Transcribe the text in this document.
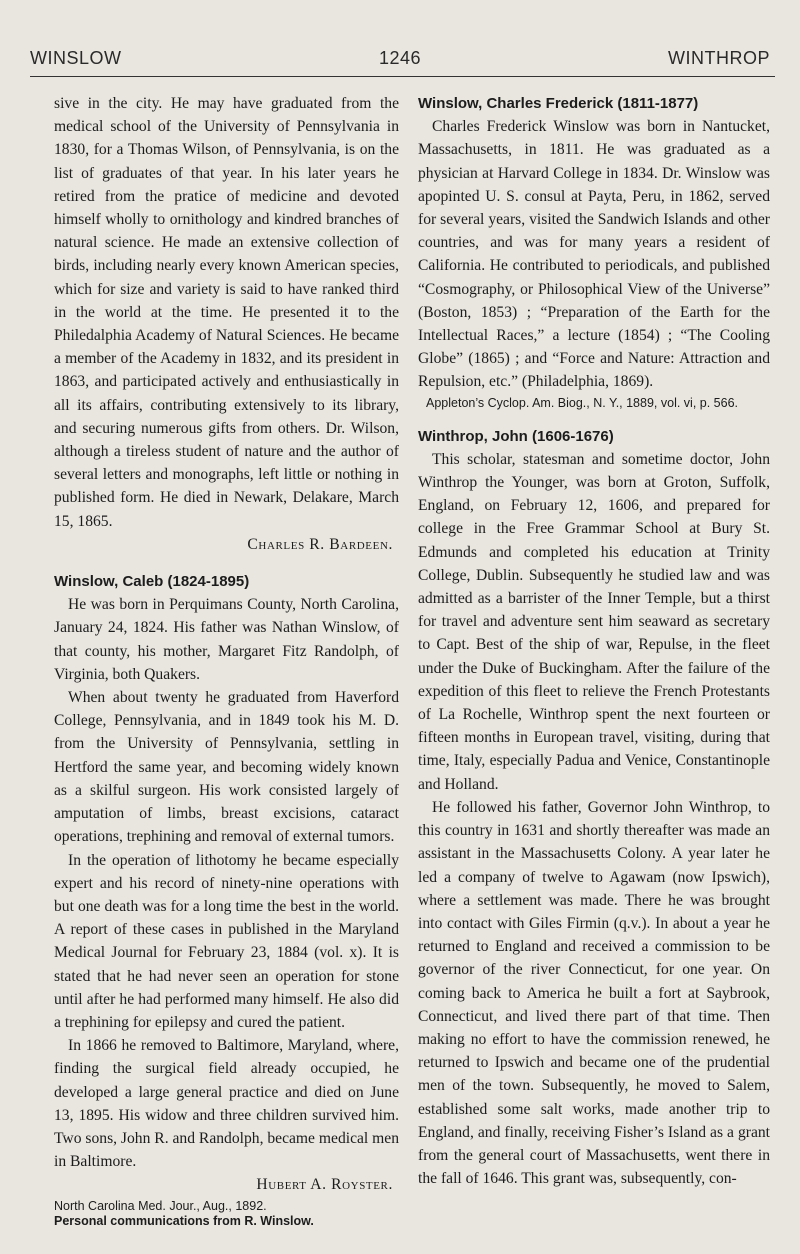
WINSLOW	1246	WINTHROP

sive in the city. He may have graduated from the medical school of the University of Pennsylvania in 1830, for a Thomas Wilson, of Pennsylvania, is on the list of graduates of that year. In his later years he retired from the pratice of medicine and devoted himself wholly to ornithology and kindred branches of natural science. He made an extensive collection of birds, including nearly every known American species, which for size and variety is said to have ranked third in the world at the time. He presented it to the Philedalphia Academy of Natural Sciences. He became a member of the Academy in 1832, and its president in 1863, and participated actively and enthusiastically in all its affairs, contributing extensively to its library, and securing numerous gifts from others. Dr. Wilson, although a tireless student of nature and the author of several letters and monographs, left little or nothing in published form. He died in Newark, Delakare, March 15, 1865.

Charles R. Bardeen.

Winslow, Caleb (1824-1895)

He was born in Perquimans County, North Carolina, January 24, 1824. His father was Nathan Winslow, of that county, his mother, Margaret Fitz Randolph, of Virginia, both Quakers.

When about twenty he graduated from Haverford College, Pennsylvania, and in 1849 took his M. D. from the University of Pennsylvania, settling in Hertford the same year, and becoming widely known as a skilful surgeon. His work consisted largely of amputation of limbs, breast excisions, cataract operations, trephining and removal of external tumors.

In the operation of lithotomy he became especially expert and his record of ninety-nine operations with but one death was for a long time the best in the world. A report of these cases in published in the Maryland Medical Journal for February 23, 1884 (vol. x). It is stated that he had never seen an operation for stone until after he had performed many himself. He also did a trephining for epilepsy and cured the patient.

In 1866 he removed to Baltimore, Maryland, where, finding the surgical field already occupied, he developed a large general practice and died on June 13, 1895. His widow and three children survived him. Two sons, John R. and Randolph, became medical men in Baltimore.

Hubert A. Royster.

North Carolina Med. Jour., Aug., 1892.

Personal communications from R. Winslow.

Winslow, Charles Frederick (1811-1877)

Charles Frederick Winslow was born in Nantucket, Massachusetts, in 1811. He was graduated as a physician at Harvard College in 1834. Dr. Winslow was apopinted U. S. consul at Payta, Peru, in 1862, served for several years, visited the Sandwich Islands and other countries, and was for many years a resident of California. He contributed to periodicals, and published “Cosmography, or Philosophical View of the Universe” (Boston, 1853) ; “Preparation of the Earth for the Intellectual Races,” a lecture (1854) ; “The Cooling Globe” (1865) ; and “Force and Nature: Attraction and Repulsion, etc.” (Philadelphia, 1869).

Appleton’s Cyclop. Am. Biog., N. Y., 1889, vol. vi, p. 566.

Winthrop, John (1606-1676)

This scholar, statesman and sometime doctor, John Winthrop the Younger, was born at Groton, Suffolk, England, on February 12, 1606, and prepared for college in the Free Grammar School at Bury St. Edmunds and completed his education at Trinity College, Dublin. Subsequently he studied law and was admitted as a barrister of the Inner Temple, but a thirst for travel and adventure sent him seaward as secretary to Capt. Best of the ship of war, Repulse, in the fleet under the Duke of Buckingham. After the failure of the expedition of this fleet to relieve the French Protestants of La Rochelle, Winthrop spent the next fourteen or fifteen months in European travel, visiting, during that time, Italy, especially Padua and Venice, Constantinople and Holland.

He followed his father, Governor John Winthrop, to this country in 1631 and shortly thereafter was made an assistant in the Massachusetts Colony. A year later he led a company of twelve to Agawam (now Ipswich), where a settlement was made. There he was brought into contact with Giles Firmin (q.v.). In about a year he returned to England and received a commission to be governor of the river Connecticut, for one year. On coming back to America he built a fort at Saybrook, Connecticut, and lived there part of that time. Then making no effort to have the commission renewed, he returned to Ipswich and became one of the prudential men of the town. Subsequently, he moved to Salem, established some salt works, made another trip to England, and finally, receiving Fisher’s Island as a grant from the general court of Massachusetts, went there in the fall of 1646. This grant was, subsequently, con-
